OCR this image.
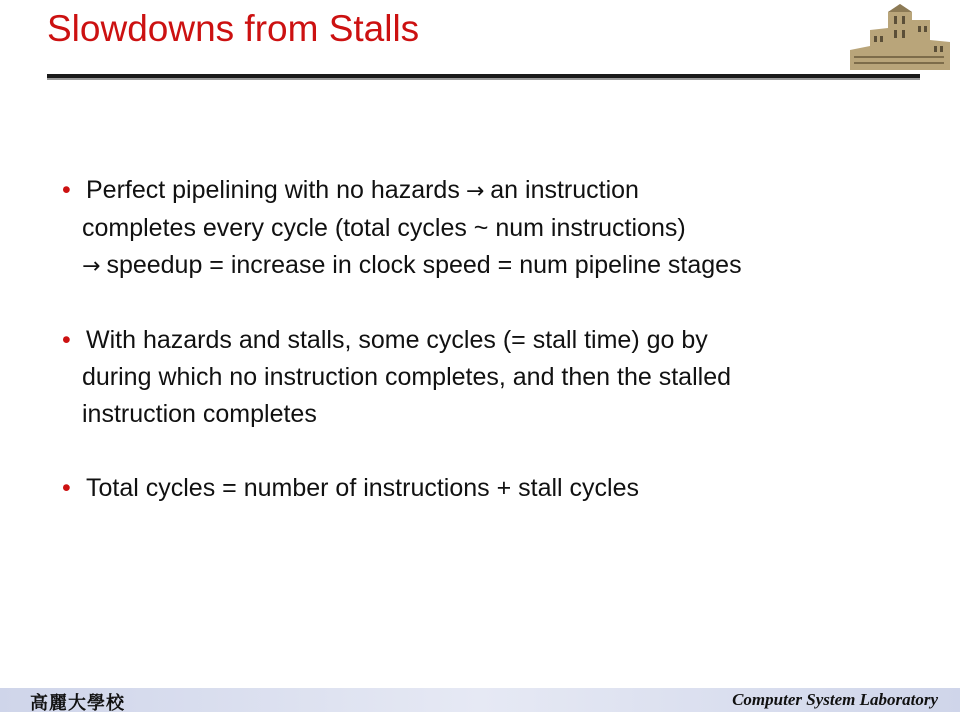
Slowdowns from Stalls
• Perfect pipelining with no hazards → an instruction
completes every cycle (total cycles ~ num instructions)
→ speedup = increase in clock speed = num pipeline stages
• With hazards and stalls, some cycles (= stall time) go by
during which no instruction completes, and then the stalled
instruction completes
• Total cycles = number of instructions + stall cycles
高麗大學校	Computer System Laboratory
